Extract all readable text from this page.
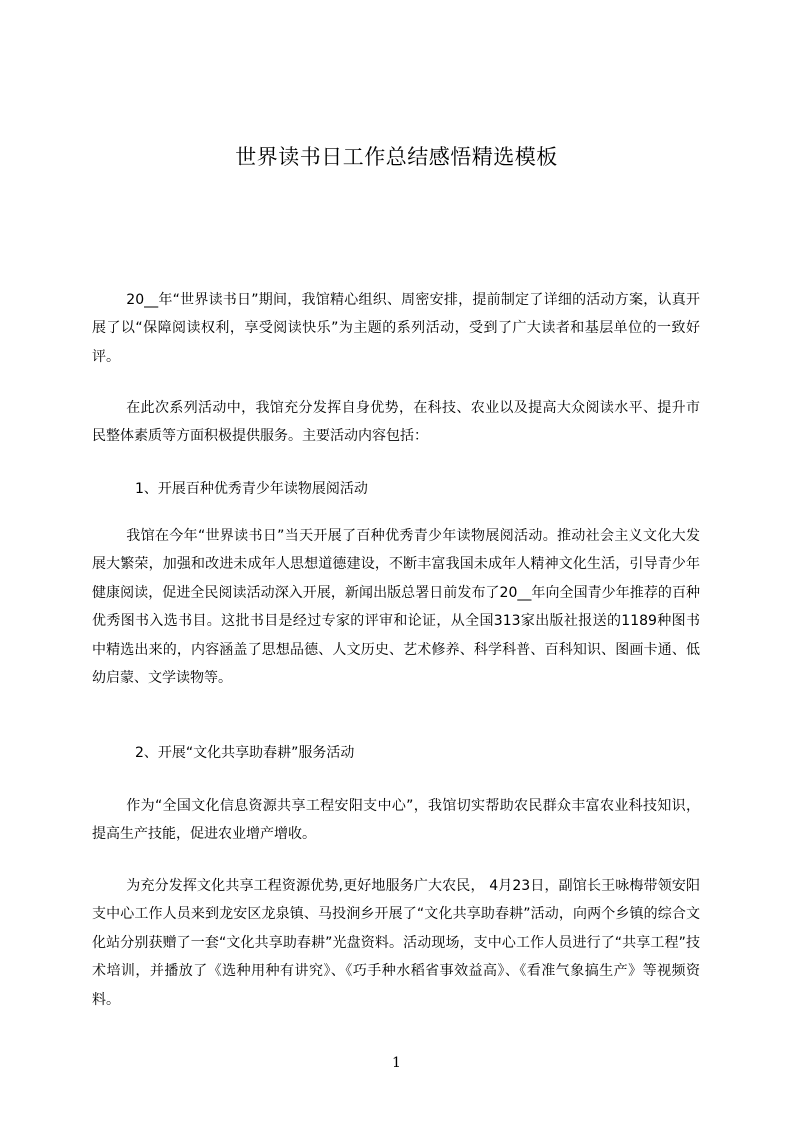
世界读书日工作总结感悟精选模板
20__年“世界读书日”期间，我馆精心组织、周密安排，提前制定了详细的活动方案，认真开展了以“保障阅读权利，享受阅读快乐”为主题的系列活动，受到了广大读者和基层单位的一致好评。
在此次系列活动中，我馆充分发挥自身优势，在科技、农业以及提高大众阅读水平、提升市民整体素质等方面积极提供服务。主要活动内容包括：
1、开展百种优秀青少年读物展阅活动
我馆在今年“世界读书日”当天开展了百种优秀青少年读物展阅活动。推动社会主义文化大发展大繁荣，加强和改进未成年人思想道德建设，不断丰富我国未成年人精神文化生活，引导青少年健康阅读，促进全民阅读活动深入开展，新闻出版总署日前发布了20__年向全国青少年推荐的百种优秀图书入选书目。这批书目是经过专家的评审和论证，从全国313家出版社报送的1189种图书中精选出来的，内容涵盖了思想品德、人文历史、艺术修养、科学科普、百科知识、图画卡通、低幼启蒙、文学读物等。
2、开展“文化共享助春耕”服务活动
作为“全国文化信息资源共享工程安阳支中心”，我馆切实帮助农民群众丰富农业科技知识，提高生产技能，促进农业增产增收。
为充分发挥文化共享工程资源优势,更好地服务广大农民， 4月23日，副馆长王咏梅带领安阳支中心工作人员来到龙安区龙泉镇、马投涧乡开展了“文化共享助春耕”活动，向两个乡镇的综合文化站分别获赠了一套“文化共享助春耕”光盘资料。活动现场，支中心工作人员进行了“共享工程”技术培训，并播放了《选种用种有讲究》、《巧手种水稻省事效益高》、《看准气象搞生产》等视频资料。
1
